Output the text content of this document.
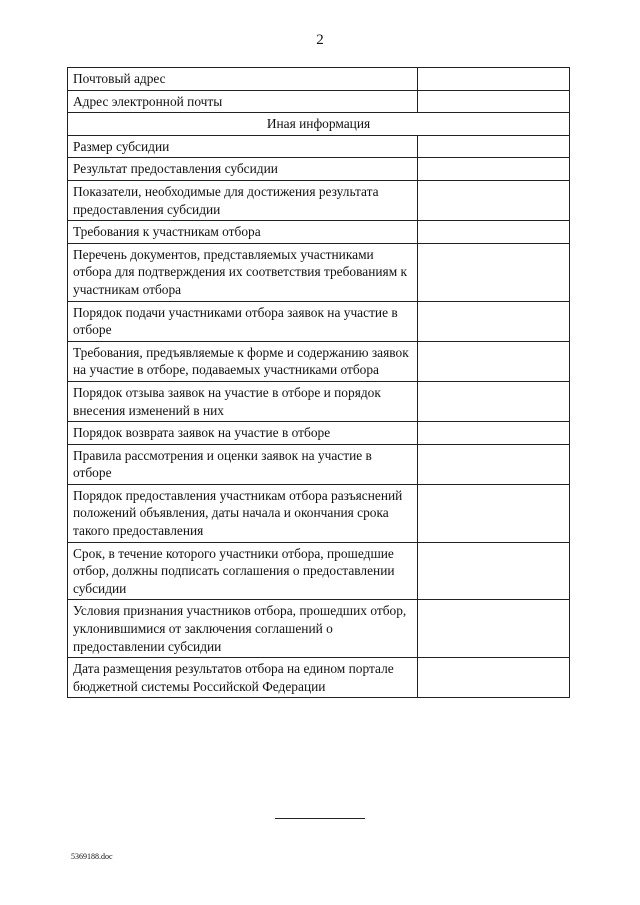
2
Почтовый адрес	
Адрес электронной почты	
Иная информация	
Размер субсидии	
Результат предоставления субсидии	
Показатели, необходимые для достижения результата предоставления субсидии	
Требования к участникам отбора	
Перечень документов, представляемых участниками отбора для подтверждения их соответствия требованиям к участникам отбора	
Порядок подачи участниками отбора заявок на участие в отборе	
Требования, предъявляемые к форме и содержанию заявок на участие в отборе, подаваемых участниками отбора	
Порядок отзыва заявок на участие в отборе и порядок внесения изменений в них	
Порядок возврата заявок на участие в отборе	
Правила рассмотрения и оценки заявок на участие в отборе	
Порядок предоставления участникам отбора разъяснений положений объявления, даты начала и окончания срока такого предоставления	
Срок, в течение которого участники отбора, прошедшие отбор, должны подписать соглашения о предоставлении субсидии	
Условия признания участников отбора, прошедших отбор, уклонившимися от заключения соглашений о предоставлении субсидии	
Дата размещения результатов отбора на едином портале бюджетной системы Российской Федерации	
5369188.doc
